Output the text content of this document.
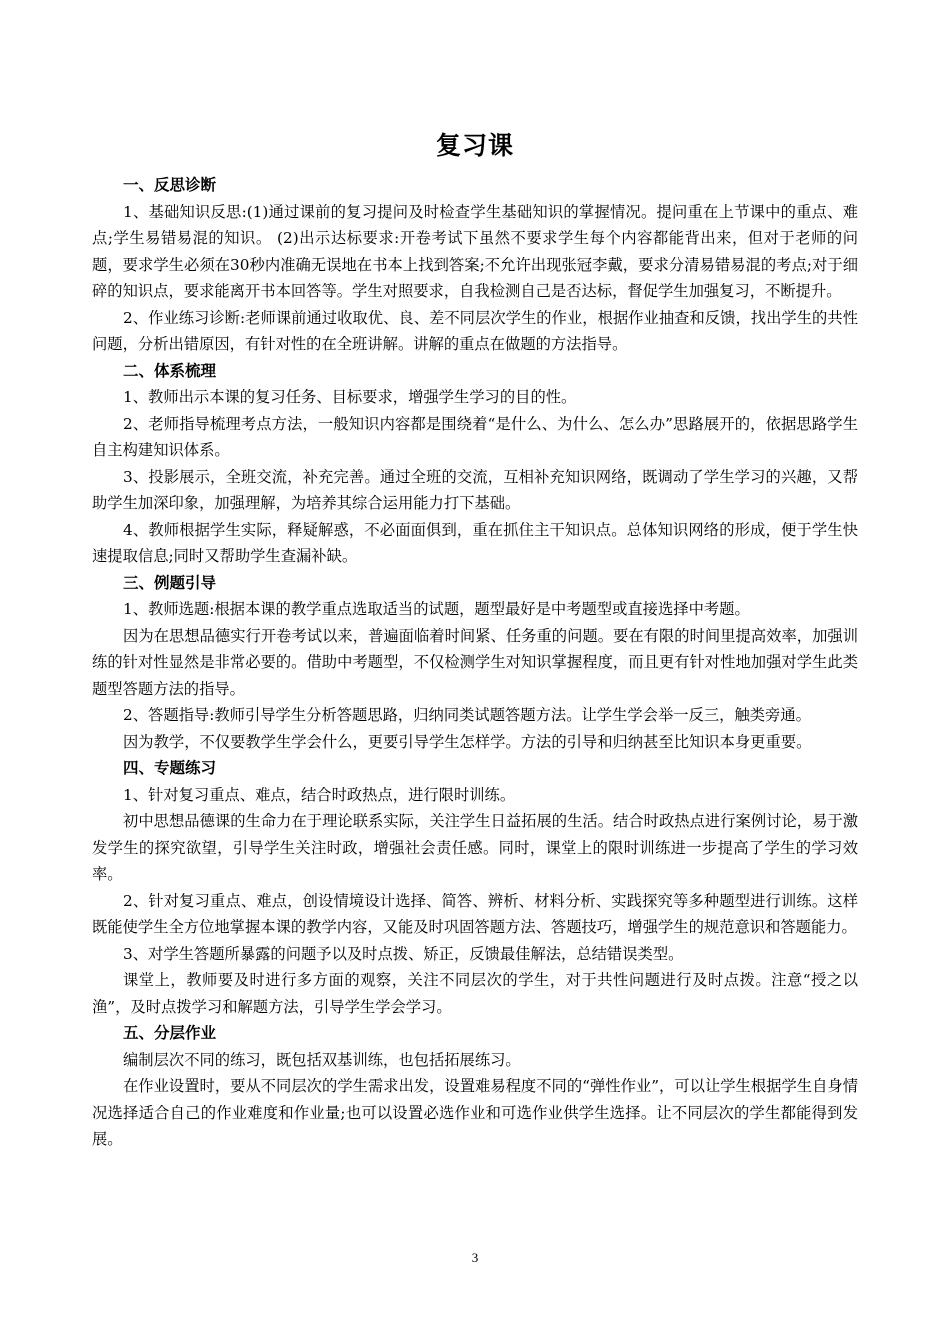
复习课
一、反思诊断

1、基础知识反思:(1)通过课前的复习提问及时检查学生基础知识的掌握情况。提问重在上节课中的重点、难点;学生易错易混的知识。 (2)出示达标要求:开卷考试下虽然不要求学生每个内容都能背出来，但对于老师的问题，要求学生必须在30秒内准确无误地在书本上找到答案;不允许出现张冠李戴，要求分清易错易混的考点;对于细碎的知识点，要求能离开书本回答等。学生对照要求，自我检测自己是否达标，督促学生加强复习，不断提升。

2、作业练习诊断:老师课前通过收取优、良、差不同层次学生的作业，根据作业抽查和反馈，找出学生的共性问题，分析出错原因，有针对性的在全班讲解。讲解的重点在做题的方法指导。

二、体系梳理

1、教师出示本课的复习任务、目标要求，增强学生学习的目的性。

2、老师指导梳理考点方法，一般知识内容都是围绕着“是什么、为什么、怎么办”思路展开的，依据思路学生自主构建知识体系。

3、投影展示，全班交流，补充完善。通过全班的交流，互相补充知识网络，既调动了学生学习的兴趣，又帮助学生加深印象，加强理解，为培养其综合运用能力打下基础。

4、教师根据学生实际，释疑解惑，不必面面俱到，重在抓住主干知识点。总体知识网络的形成，便于学生快速提取信息;同时又帮助学生查漏补缺。

三、例题引导

1、教师选题:根据本课的教学重点选取适当的试题，题型最好是中考题型或直接选择中考题。

因为在思想品德实行开卷考试以来，普遍面临着时间紧、任务重的问题。要在有限的时间里提高效率，加强训练的针对性显然是非常必要的。借助中考题型，不仅检测学生对知识掌握程度，而且更有针对性地加强对学生此类题型答题方法的指导。

2、答题指导:教师引导学生分析答题思路，归纳同类试题答题方法。让学生学会举一反三，触类旁通。

因为教学，不仅要教学生学会什么，更要引导学生怎样学。方法的引导和归纳甚至比知识本身更重要。

四、专题练习

1、针对复习重点、难点，结合时政热点，进行限时训练。

初中思想品德课的生命力在于理论联系实际，关注学生日益拓展的生活。结合时政热点进行案例讨论，易于激发学生的探究欲望，引导学生关注时政，增强社会责任感。同时，课堂上的限时训练进一步提高了学生的学习效率。

2、针对复习重点、难点，创设情境设计选择、简答、辨析、材料分析、实践探究等多种题型进行训练。这样既能使学生全方位地掌握本课的教学内容，又能及时巩固答题方法、答题技巧，增强学生的规范意识和答题能力。

3、对学生答题所暴露的问题予以及时点拨、矫正，反馈最佳解法，总结错误类型。

课堂上，教师要及时进行多方面的观察，关注不同层次的学生，对于共性问题进行及时点拨。注意“授之以渔”，及时点拨学习和解题方法，引导学生学会学习。

五、分层作业

编制层次不同的练习，既包括双基训练，也包括拓展练习。

在作业设置时，要从不同层次的学生需求出发，设置难易程度不同的“弹性作业”，可以让学生根据学生自身情况选择适合自己的作业难度和作业量;也可以设置必选作业和可选作业供学生选择。让不同层次的学生都能得到发展。

3
